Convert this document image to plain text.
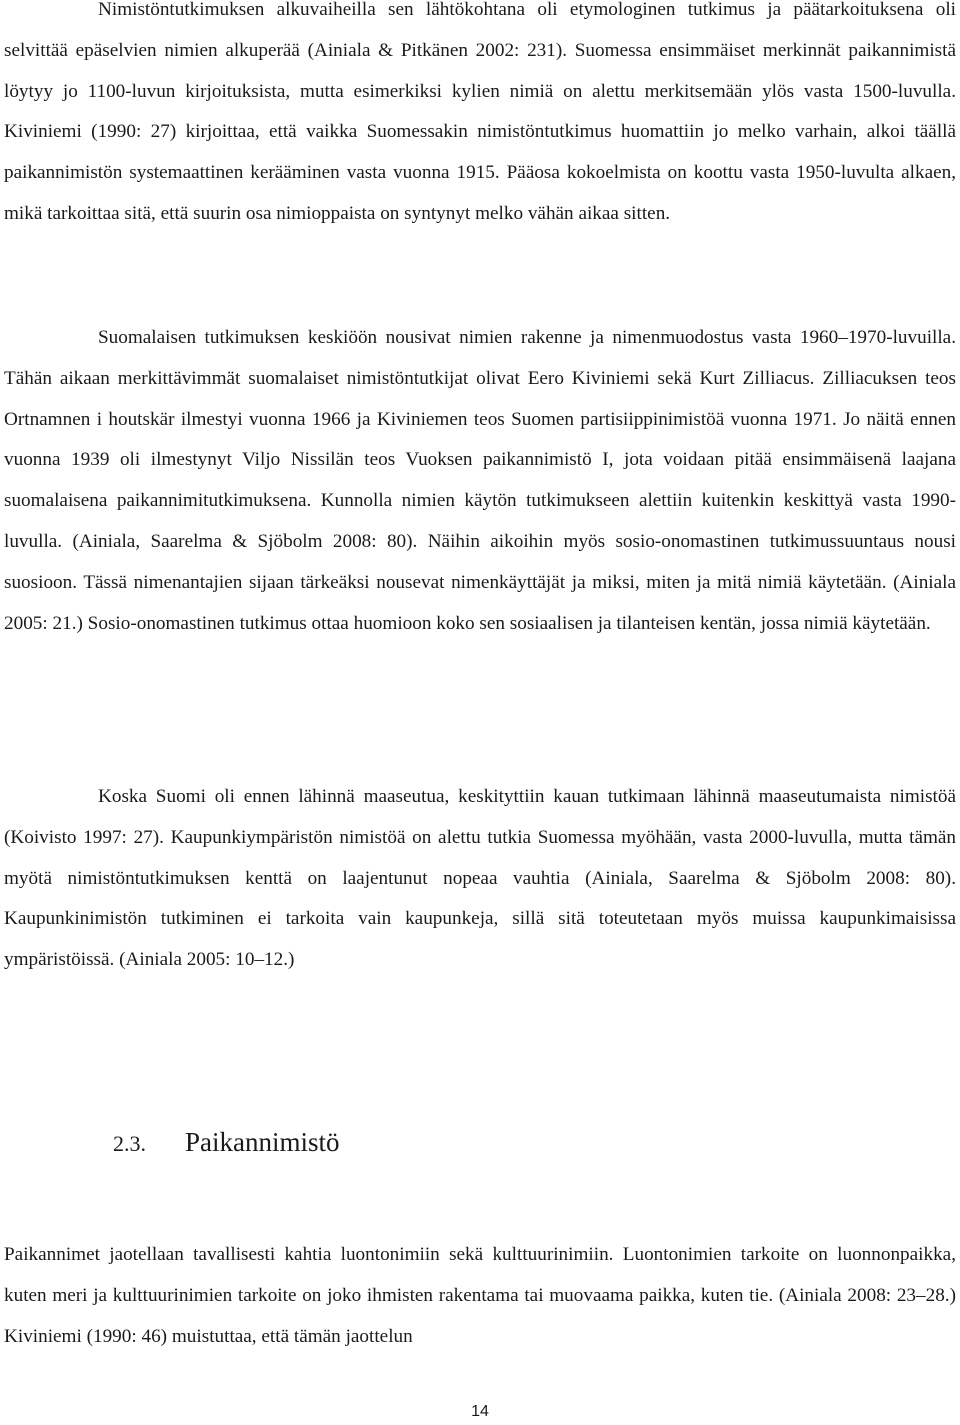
Nimistöntutkimuksen alkuvaiheilla sen lähtökohtana oli etymologinen tutkimus ja päätarkoituksena oli selvittää epäselvien nimien alkuperää (Ainiala & Pitkänen 2002: 231). Suomessa ensimmäiset merkinnät paikannimistä löytyy jo 1100-luvun kirjoituksista, mutta esimerkiksi kylien nimiä on alettu merkitsemään ylös vasta 1500-luvulla. Kiviniemi (1990: 27) kirjoittaa, että vaikka Suomessakin nimistöntutkimus huomattiin jo melko varhain, alkoi täällä paikannimistön systemaattinen kerääminen vasta vuonna 1915. Pääosa kokoelmista on koottu vasta 1950-luvulta alkaen, mikä tarkoittaa sitä, että suurin osa nimioppaista on syntynyt melko vähän aikaa sitten.

Suomalaisen tutkimuksen keskiöön nousivat nimien rakenne ja nimenmuodostus vasta 1960–1970-luvuilla. Tähän aikaan merkittävimmät suomalaiset nimistöntutkijat olivat Eero Kiviniemi sekä Kurt Zilliacus. Zilliacuksen teos Ortnamnen i houtskär ilmestyi vuonna 1966 ja Kiviniemen teos Suomen partisiippinimistöä vuonna 1971. Jo näitä ennen vuonna 1939 oli ilmestynyt Viljo Nissilän teos Vuoksen paikannimistö I, jota voidaan pitää ensimmäisenä laajana suomalaisena paikannimitutkimuksena. Kunnolla nimien käytön tutkimukseen alettiin kuitenkin keskittyä vasta 1990-luvulla. (Ainiala, Saarelma & Sjöbolm 2008: 80). Näihin aikoihin myös sosio-onomastinen tutkimussuuntaus nousi suosioon. Tässä nimenantajien sijaan tärkeäksi nousevat nimenkäyttäjät ja miksi, miten ja mitä nimiä käytetään. (Ainiala 2005: 21.) Sosio-onomastinen tutkimus ottaa huomioon koko sen sosiaalisen ja tilanteisen kentän, jossa nimiä käytetään.

Koska Suomi oli ennen lähinnä maaseutua, keskityttiin kauan tutkimaan lähinnä maaseutumaista nimistöä (Koivisto 1997: 27). Kaupunkiympäristön nimistöä on alettu tutkia Suomessa myöhään, vasta 2000-luvulla, mutta tämän myötä nimistöntutkimuksen kenttä on laajentunut nopeaa vauhtia (Ainiala, Saarelma & Sjöbolm 2008: 80). Kaupunkinimistön tutkiminen ei tarkoita vain kaupunkeja, sillä sitä toteutetaan myös muissa kaupunkimaisissa ympäristöissä. (Ainiala 2005: 10–12.)

2.3. Paikannimistö

Paikannimet jaotellaan tavallisesti kahtia luontonimiin sekä kulttuurinimiin. Luontonimien tarkoite on luonnonpaikka, kuten meri ja kulttuurinimien tarkoite on joko ihmisten rakentama tai muovaama paikka, kuten tie. (Ainiala 2008: 23–28.) Kiviniemi (1990: 46) muistuttaa, että tämän jaottelun

14
